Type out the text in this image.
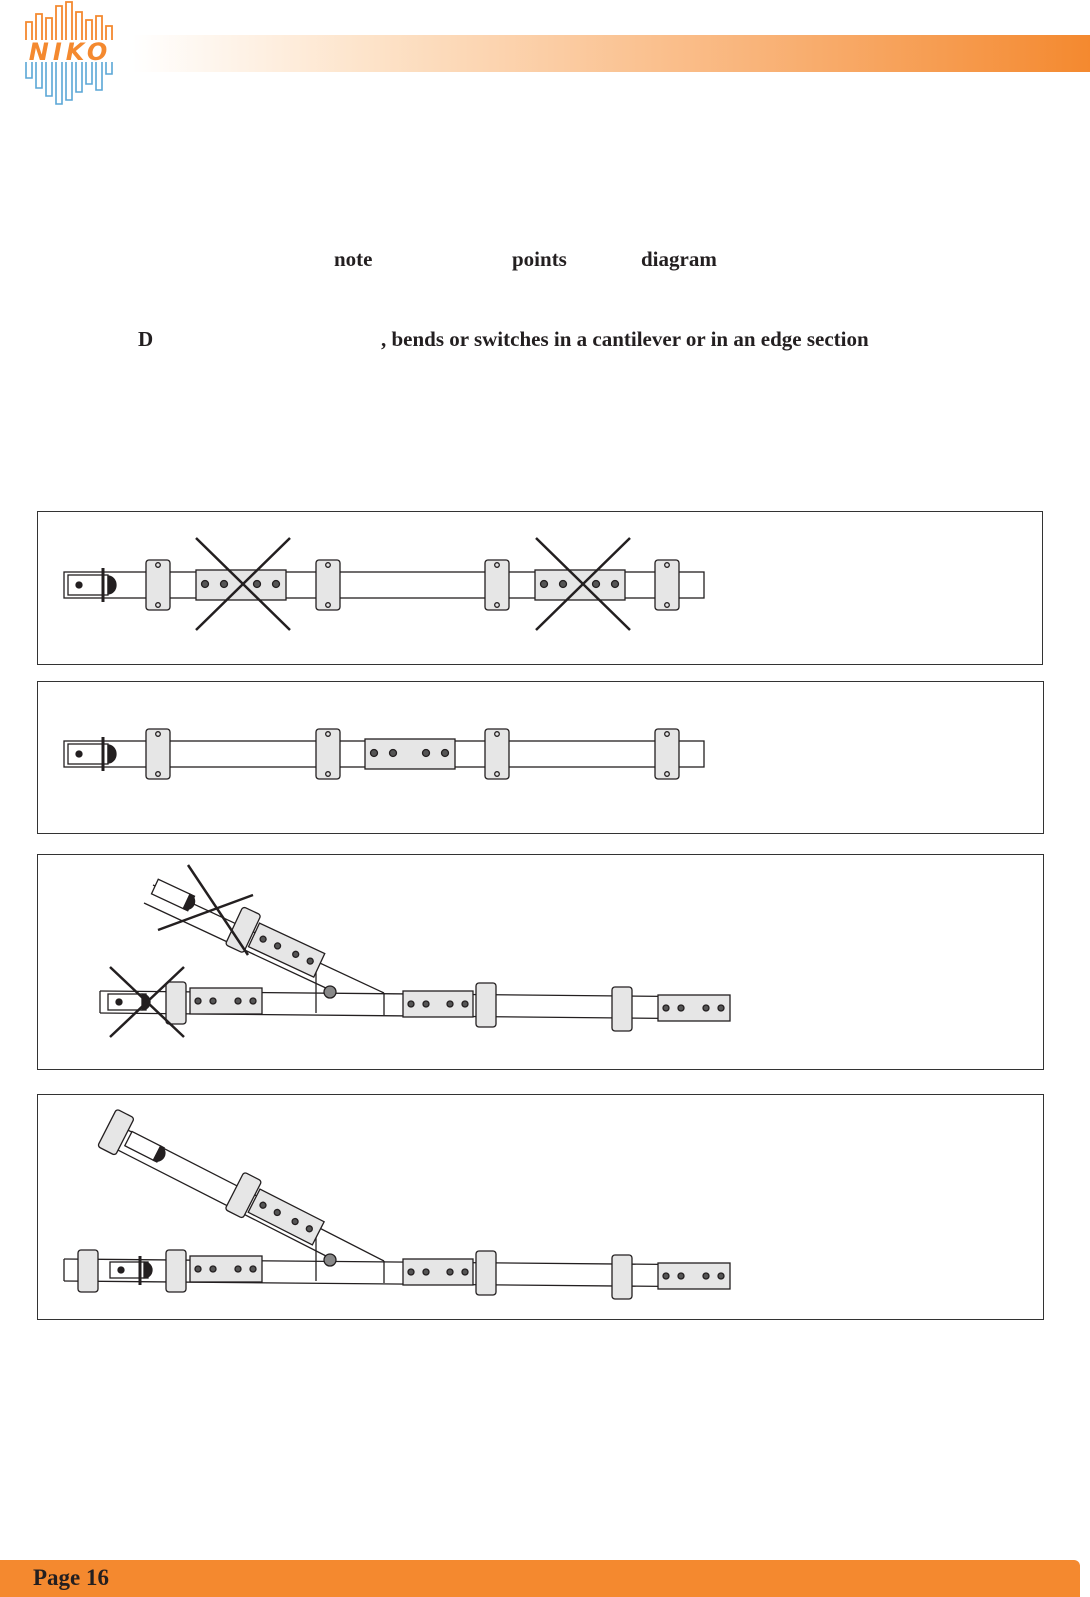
NIKO
note	points	diagram
D	, bends or switches in a cantilever or in an edge section
Page 16
